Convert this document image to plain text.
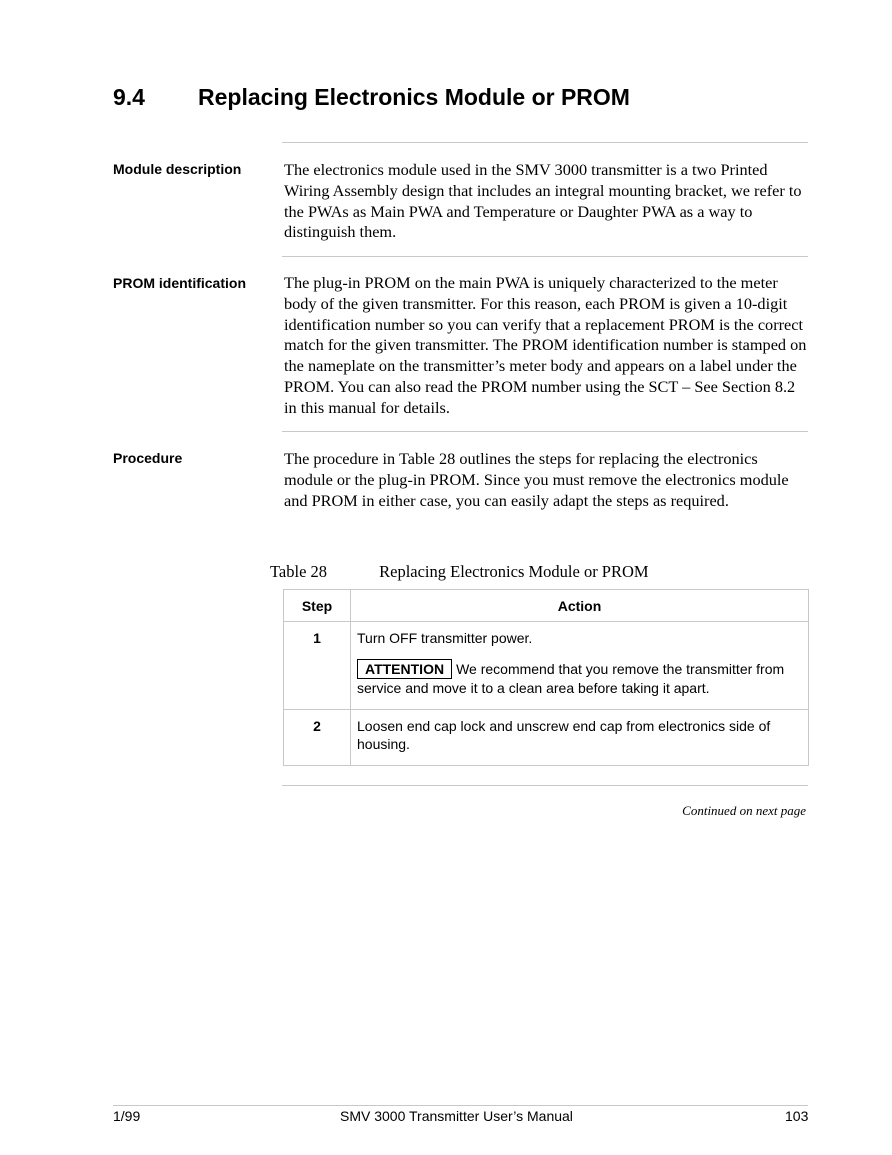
9.4	Replacing Electronics Module or PROM
Module description	The electronics module used in the SMV 3000 transmitter is a two Printed Wiring Assembly design that includes an integral mounting bracket, we refer to the PWAs as Main PWA and Temperature or Daughter PWA as a way to distinguish them.
PROM identification The plug-in PROM on the main PWA is uniquely characterized to the meter body of the given transmitter. For this reason, each PROM is given a 10-digit identification number so you can verify that a replacement PROM is the correct match for the given transmitter. The PROM identification number is stamped on the nameplate on the transmitter’s meter body and appears on a label under the PROM. You can also read the PROM number using the SCT – See Section 8.2 in this manual for details.
Procedure	The procedure in Table 28 outlines the steps for replacing the electronics module or the plug-in PROM. Since you must remove the electronics module and PROM in either case, you can easily adapt the steps as required.
Table 28	Replacing Electronics Module or PROM
Step	Action
1	Turn OFF transmitter power.
ATTENTION We recommend that you remove the transmitter from service and move it to a clean area before taking it apart.

2	Loosen end cap lock and unscrew end cap from electronics side of housing.
Continued on next page
1/99	SMV 3000 Transmitter User’s Manual	103
